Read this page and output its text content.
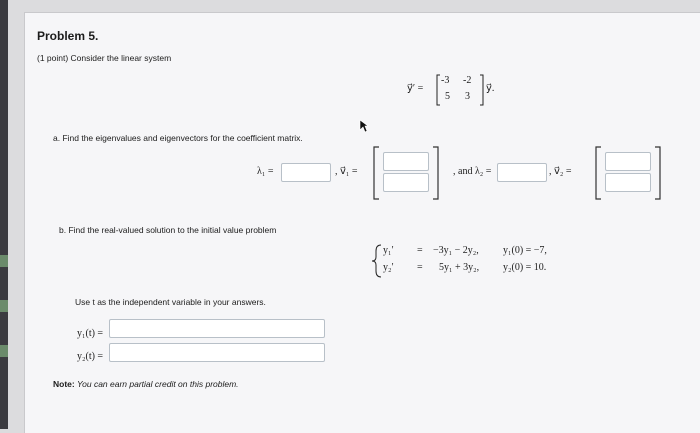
Problem 5.
(1 point) Consider the linear system
y⃗′ =
-3 -2
5 3
y⃗.
a. Find the eigenvalues and eigenvectors for the coefficient matrix.
λ₁ =	, v⃗₁ =	, and λ₂ =	, v⃗₂ =
b. Find the real-valued solution to the initial value problem
y₁′ = −3y₁ − 2y₂, y₁(0) = −7,
y₂′ = 5y₁ + 3y₂, y₂(0) = 10.
Use t as the independent variable in your answers.
y₁(t) =
y₂(t) =
Note: You can earn partial credit on this problem.
